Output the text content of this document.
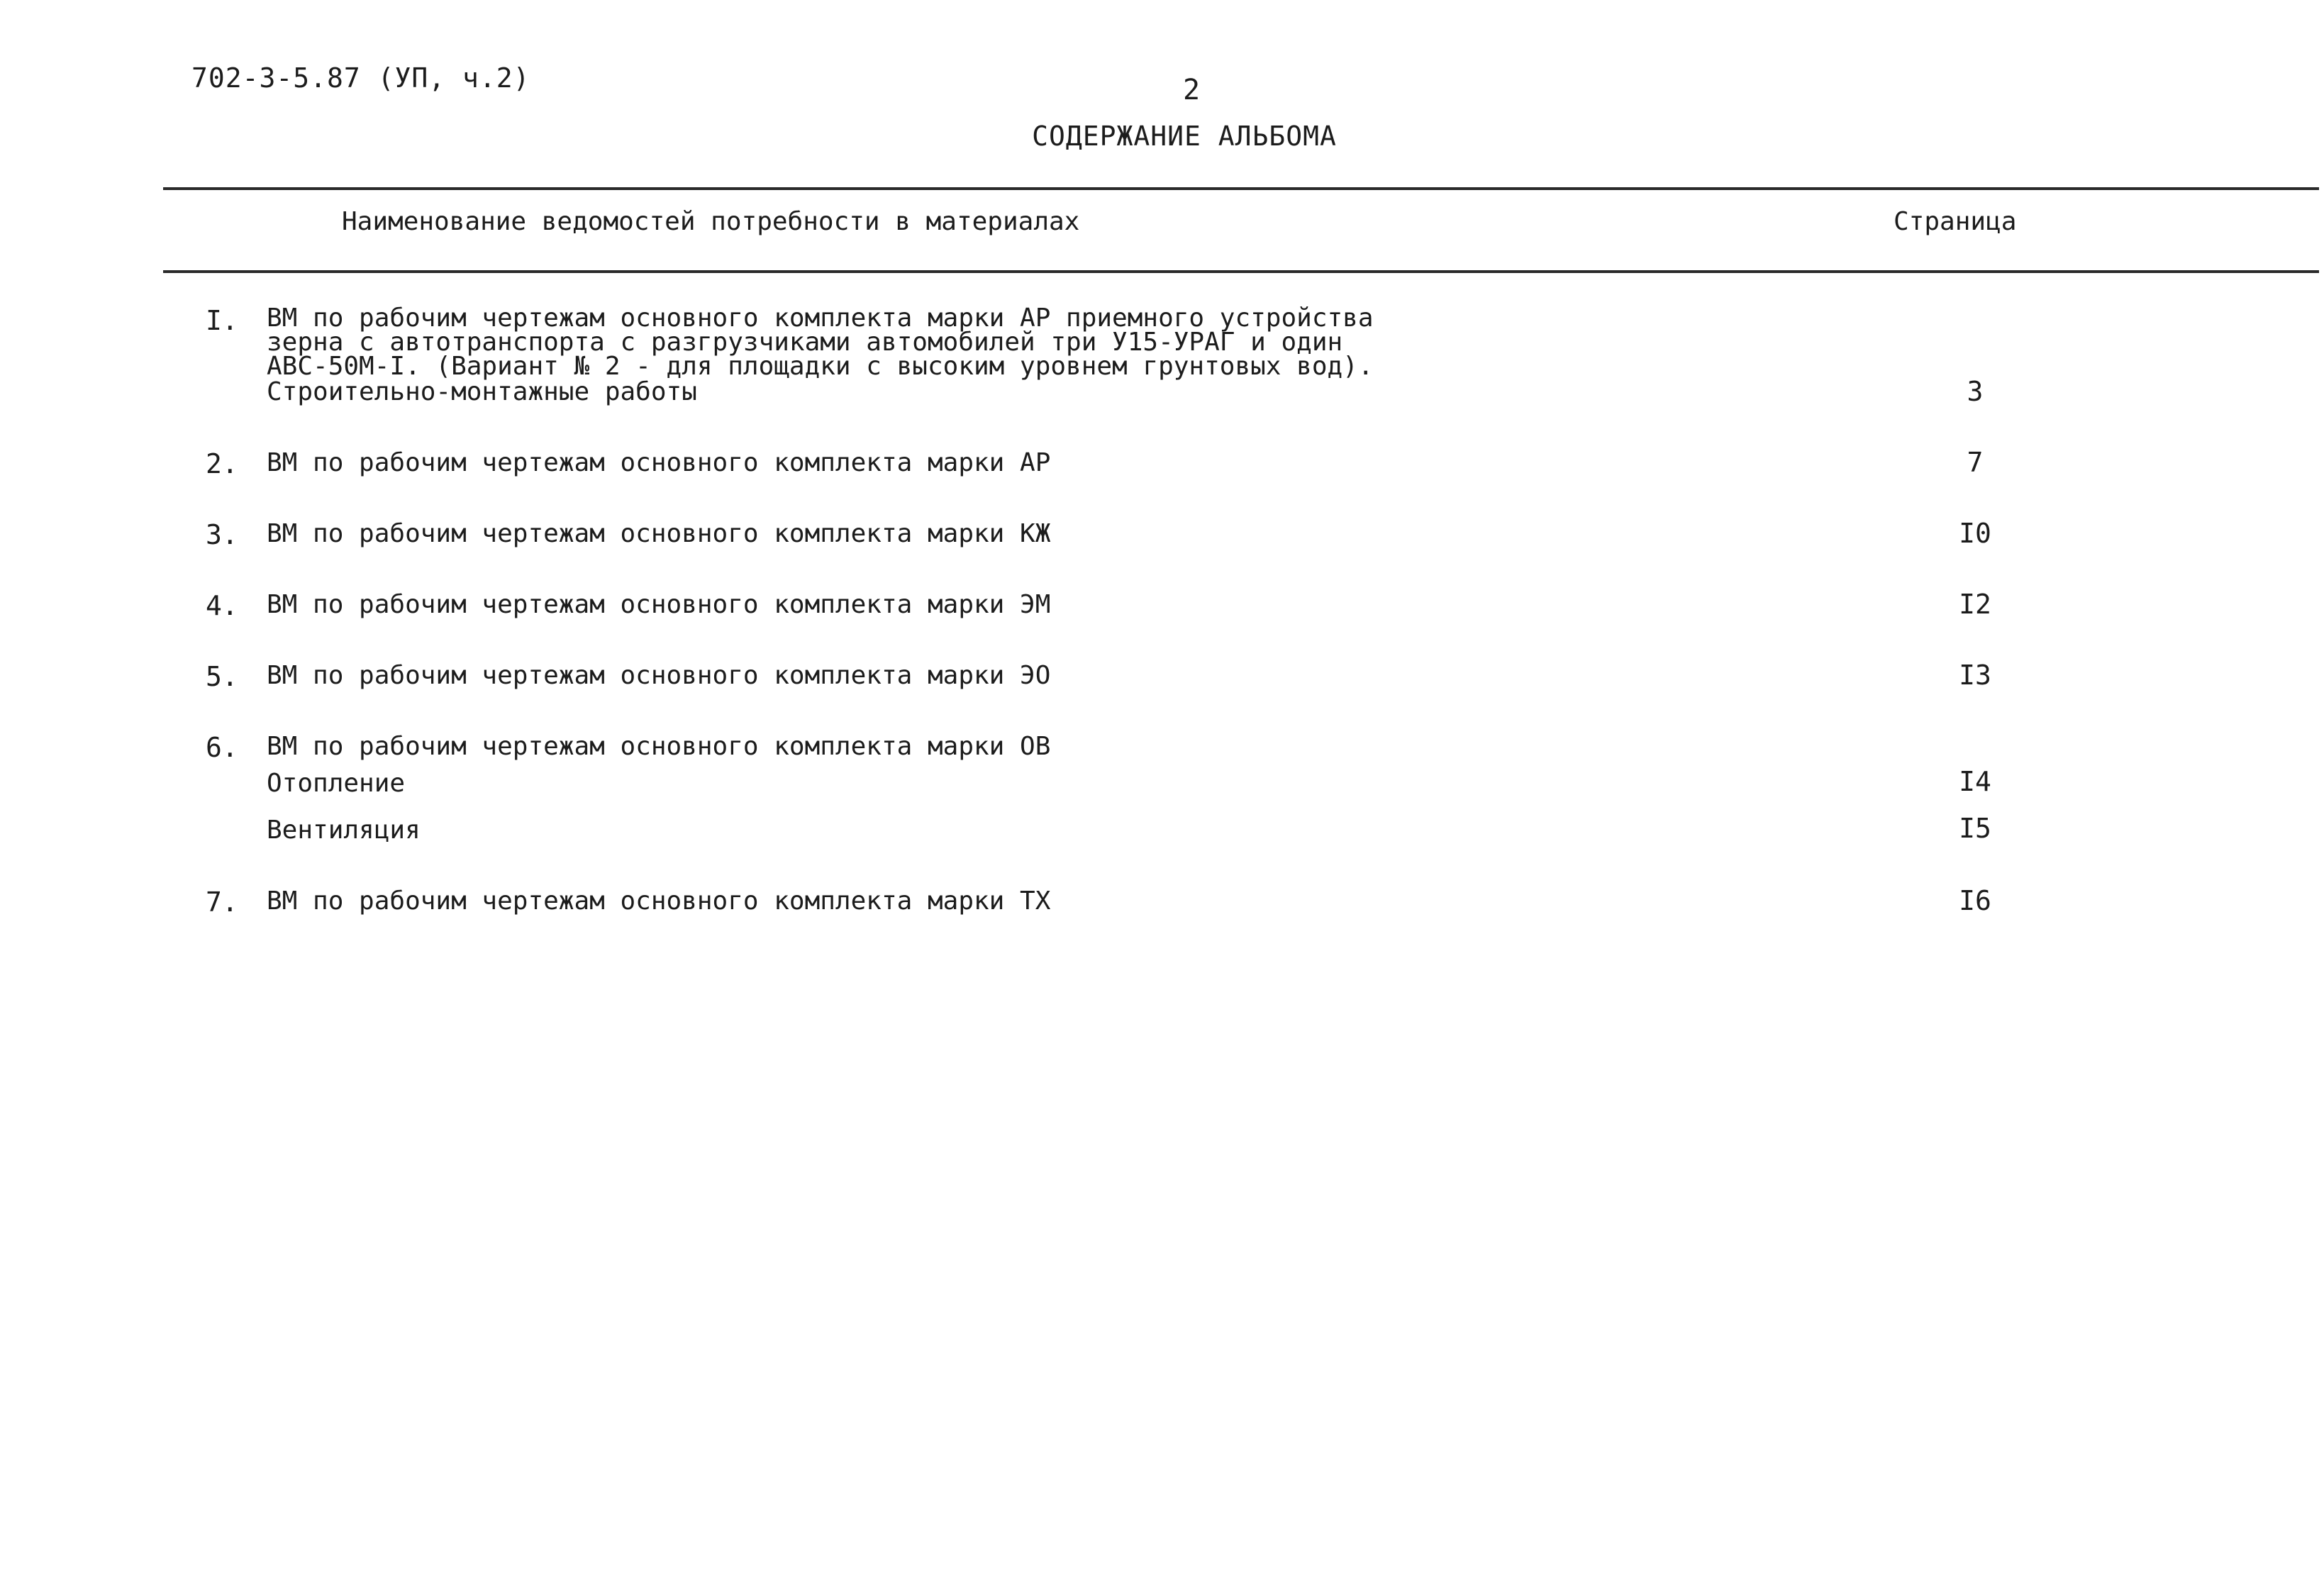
702-3-5.87 (УП, ч.2)	2
СОДЕРЖАНИЕ АЛЬБОМА
Наименование ведомостей потребности в материалах	Страница
I. ВМ по рабочим чертежам основного комплекта марки АР приемного устройства
зерна с автотранспорта с разгрузчиками автомобилей три У15-УРАГ и один
АВС-50М-I. (Вариант № 2 - для площадки с высоким уровнем грунтовых вод).
Строительно-монтажные работы	3
2. ВМ по рабочим чертежам основного комплекта марки АР	7
3. ВМ по рабочим чертежам основного комплекта марки КЖ	I0
4. ВМ по рабочим чертежам основного комплекта марки ЭМ	I2
5. ВМ по рабочим чертежам основного комплекта марки ЭО	I3
6. ВМ по рабочим чертежам основного комплекта марки ОВ
Отопление	I4
Вентиляция	I5
7. ВМ по рабочим чертежам основного комплекта марки ТХ	I6
